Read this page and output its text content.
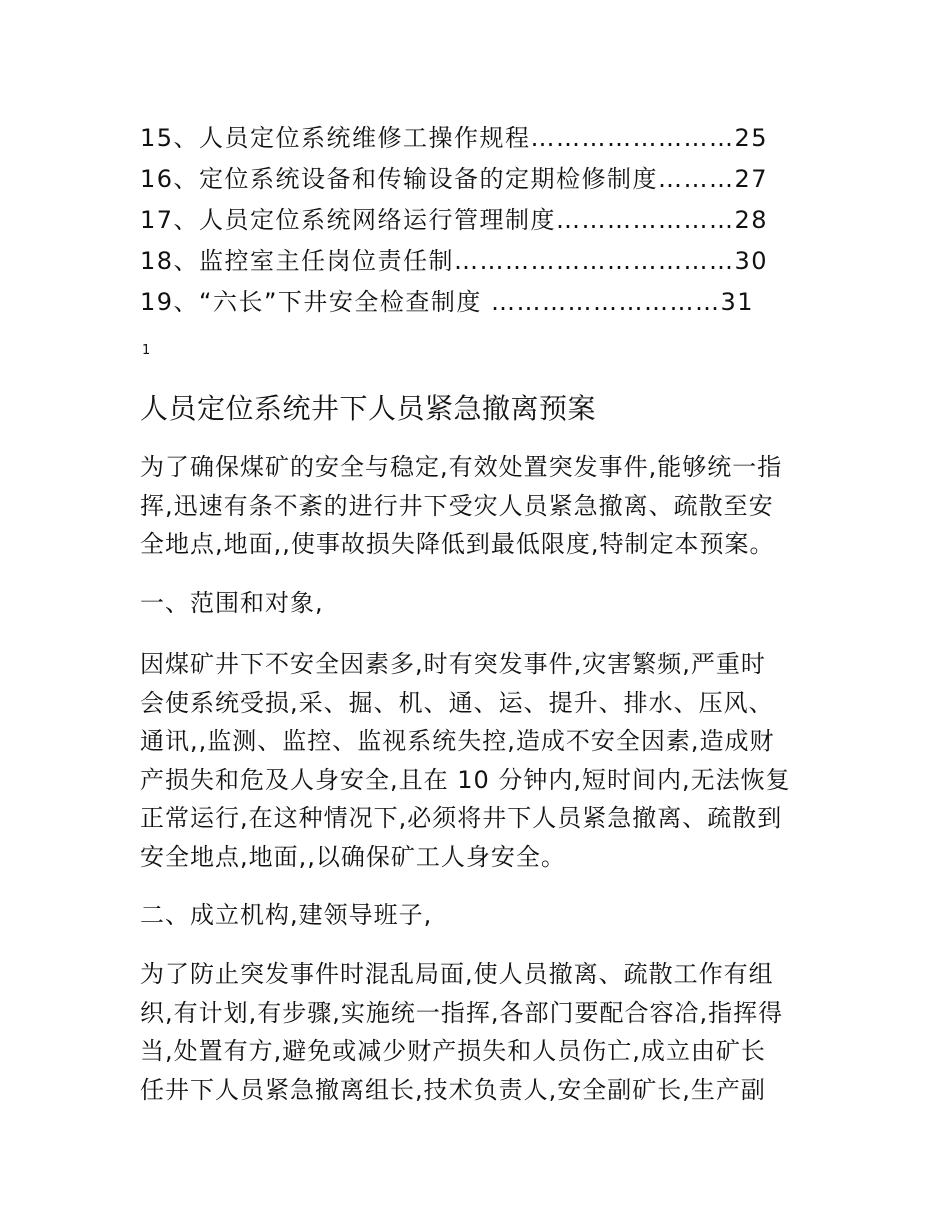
15、人员定位系统维修工操作规程……………………25
16、定位系统设备和传输设备的定期检修制度………27
17、人员定位系统网络运行管理制度…………………28
18、监控室主任岗位责任制……………………………30
19、“六长”下井安全检查制度 ………………………31
1
人员定位系统井下人员紧急撤离预案
为了确保煤矿的安全与稳定,有效处置突发事件,能够统一指
挥,迅速有条不紊的进行井下受灾人员紧急撤离、疏散至安
全地点,地面,,使事故损失降低到最低限度,特制定本预案。
一、范围和对象,
因煤矿井下不安全因素多,时有突发事件,灾害繁频,严重时
会使系统受损,采、掘、机、通、运、提升、排水、压风、
通讯,,监测、监控、监视系统失控,造成不安全因素,造成财
产损失和危及人身安全,且在 10 分钟内,短时间内,无法恢复
正常运行,在这种情况下,必须将井下人员紧急撤离、疏散到
安全地点,地面,,以确保矿工人身安全。
二、成立机构,建领导班子,
为了防止突发事件时混乱局面,使人员撤离、疏散工作有组
织,有计划,有步骤,实施统一指挥,各部门要配合容冾,指挥得
当,处置有方,避免或减少财产损失和人员伤亡,成立由矿长
任井下人员紧急撤离组长,技术负责人,安全副矿长,生产副
